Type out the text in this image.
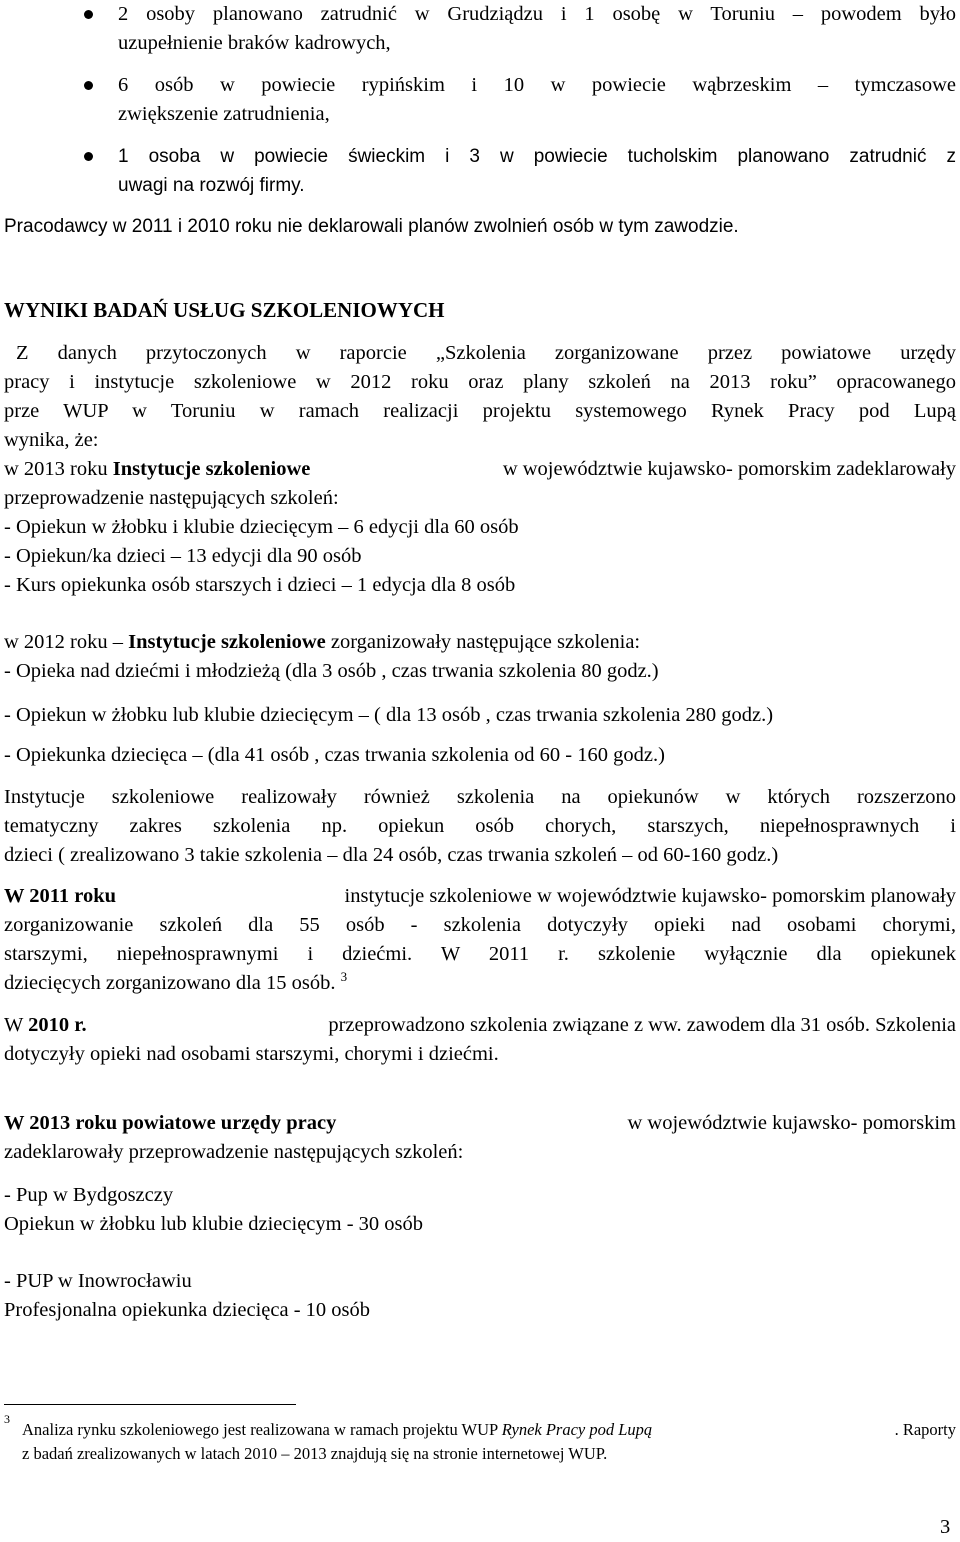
2 osoby planowano zatrudnić w Grudziądzu i 1 osobę w Toruniu – powodem było
uzupełnienie braków kadrowych,
6 osób w powiecie rypińskim i 10 w powiecie wąbrzeskim – tymczasowe
zwiększenie zatrudnienia,
1 osoba w powiecie świeckim i 3 w powiecie tucholskim planowano zatrudnić z
uwagi na rozwój firmy.
Pracodawcy w 2011 i 2010 roku nie deklarowali planów zwolnień osób w tym zawodzie.
WYNIKI BADAŃ USŁUG SZKOLENIOWYCH
Z danych przytoczonych w raporcie „Szkolenia zorganizowane przez powiatowe urzędy
pracy i instytucje szkoleniowe w 2012 roku oraz plany szkoleń na 2013 roku” opracowanego
prze WUP w Toruniu w ramach realizacji projektu systemowego Rynek Pracy pod Lupą
wynika, że:
w 2013 roku Instytucje szkoleniowe	w województwie kujawsko- pomorskim zadeklarowały
przeprowadzenie następujących szkoleń:
- Opiekun w żłobku i klubie dziecięcym – 6 edycji dla 60 osób
- Opiekun/ka dzieci – 13 edycji dla 90 osób
- Kurs opiekunka osób starszych i dzieci – 1 edycja dla 8 osób
w 2012 roku – Instytucje szkoleniowe zorganizowały następujące szkolenia:
- Opieka nad dziećmi i młodzieżą (dla 3 osób , czas trwania szkolenia 80 godz.)
- Opiekun w żłobku lub klubie dziecięcym – ( dla 13 osób , czas trwania szkolenia 280 godz.)
- Opiekunka dziecięca – (dla 41 osób , czas trwania szkolenia od 60 - 160 godz.)
Instytucje szkoleniowe realizowały również szkolenia na opiekunów w których rozszerzono
tematyczny zakres szkolenia np. opiekun osób chorych, starszych, niepełnosprawnych i
dzieci ( zrealizowano 3 takie szkolenia – dla 24 osób, czas trwania szkoleń – od 60-160 godz.)
W 2011 roku	instytucje szkoleniowe w województwie kujawsko- pomorskim planowały
zorganizowanie szkoleń dla 55 osób - szkolenia dotyczyły opieki nad osobami chorymi,
starszymi, niepełnosprawnymi i dziećmi. W 2011 r. szkolenie wyłącznie dla opiekunek
dziecięcych zorganizowano dla 15 osób. $^3$
W 2010 r.	przeprowadzono szkolenia związane z ww. zawodem dla 31 osób. Szkolenia
dotyczyły opieki nad osobami starszymi, chorymi i dziećmi.
W 2013 roku powiatowe urzędy pracy	w województwie kujawsko- pomorskim
zadeklarowały przeprowadzenie następujących szkoleń:
- Pup w Bydgoszczy
Opiekun w żłobku lub klubie dziecięcym - 30 osób
- PUP w Inowrocławiu
Profesjonalna opiekunka dziecięca - 10 osób
3
Analiza rynku szkoleniowego jest realizowana w ramach projektu WUP Rynek Pracy pod Lupą	. Raporty
z badań zrealizowanych w latach 2010 – 2013 znajdują się na stronie internetowej WUP.
3
